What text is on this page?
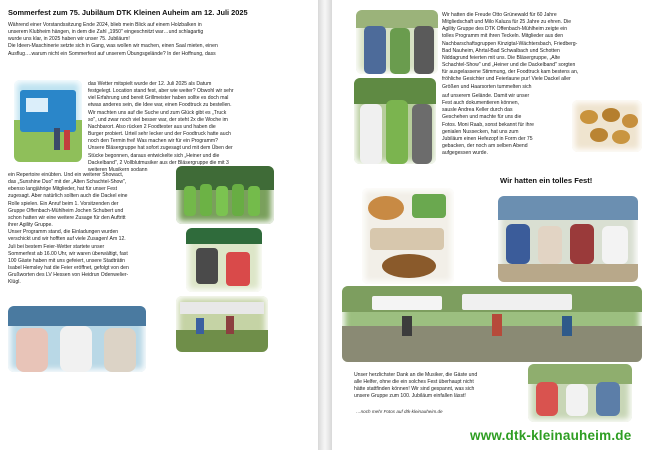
Sommerfest zum 75. Jubiläum DTK Kleinen Auheim am 12. Juli 2025
Während einer Vorstandssitzung Ende 2024, blieb mein Blick auf einem Holzbalken in
unserem Klubheim hängen, in dem die Zahl „1950" eingeschnitzt war…und schlagartig
wurde uns klar, in 2025 haben wir unser 75. Jubiläum!
Die Ideen-Maschinerie setzte sich in Gang, was wollen wir machen, einen Saal mieten, einen
Ausflug….warum nicht ein Sommerfest auf unserem Übungsgelände? In der Hoffnung, dass
das Wetter mitspielt wurde der 12. Juli 2025 als Datum
festgelegt. Location stand fest, aber wie weiter? Obwohl wir sehr
viel Erfahrung und bereit Grillmeister haben sollte es doch mal
etwas anderes sein, die Idee war, einen Foodtruck zu bestellen.
Wir machten uns auf die Suche und zum Glück gibt es „Truck
so", und zwar noch viel besser war, der steht 2x die Woche im
Nachbarort. Also rücken 2 Foodtester aus und haben die
Burger probiert. Urteil sehr lecker und der Foodtruck hatte auch
noch den Termin frei! Was machen wir für ein Programm?
Unsere Bläsergruppe hat sofort zugesagt und mit dem Üben der
Stücke begonnen, daraus entwickelte sich „Heiner und die
Dackelband", 2 Vollblutmusiker aus der Bläsergruppe die mit 3
weiteren Musikern sodann
ein Repertoire einübten. Und ein weiterer Showact,
das „Sunshine Duo" mit der „Alten Schachtel-Show",
ebenso langjährige Mitglieder, hat für unser Fest
zugesagt. Aber natürlich sollten auch die Dackel eine
Rolle spielen. Ein Anruf beim 1. Vorsitzenden der
Gruppe Offenbach-Mühlheim Jochen Schubert und
schon hatten wir eine weitere Zusage für den Auftritt
ihrer Agility Gruppe.
Unser Programm stand, die Einladungen wurden
verschickt und wir hofften auf viele Zusagen! Am 12.
Juli bei bestem Feier-Wetter startete unser
Sommerfest ab 16.00 Uhr, wir waren überwältigt, fast
100 Gäste haben mit uns gefeiert, unsere Stadträtin
Isabel Hemsley hat die Feier eröffnet, gefolgt von den
Grußworten des LV Hessen von Heidrun Odenwelier-
Klügl.
Wir hatten die Freude Otto Grünewald für 60 Jahre
Mitgliedschaft und Milo Kaluza für 25 Jahre zu ehren. Die
Agility Gruppe des DTK Offenbach-Mühlheim zeigte ein
tolles Programm mit ihren Teckeln. Mitglieder aus den
Nachbarschaftsgruppen Kinzigtal-Wächtersbach, Friedberg-
Bad Nauheim, Ahrtal-Bad Schwalbach und Schotten
Niddagrund feierten mit uns. Die Bläsergruppe, „Alte
Schachtel-Show" und „Heiner und die Dackelband" sorgten
für ausgelassene Stimmung, der Foodtruck kam bestens an,
fröhliche Gesichter und Feierlaune pur! Viele Dackel aller
Größen und Haarsorten tummelten sich
auf unserem Gelände. Damit wir unser
Fest auch dokumentieren können,
sausle Andrea Keller durch das
Geschehen und machte für uns die
Fotos. Moni Raab, sonst bekannt für ihre
genialen Nussecken, hat uns zum
Jubiläum einen Hefezopf in Form der 75
gebacken, der noch am selben Abend
aufgegessen wurde.
Wir hatten ein tolles Fest!
Unser herzlichster Dank an die Musiker, die Gäste und
alle Helfer, ohne die ein solches Fest überhaupt nicht
hätte stattfinden können! Wir sind gespannt, was sich
unsere Gruppe zum 100. Jubiläum einfallen lässt!
…noch mehr Fotos auf dtk-kleinauheim.de
www.dtk-kleinauheim.de
